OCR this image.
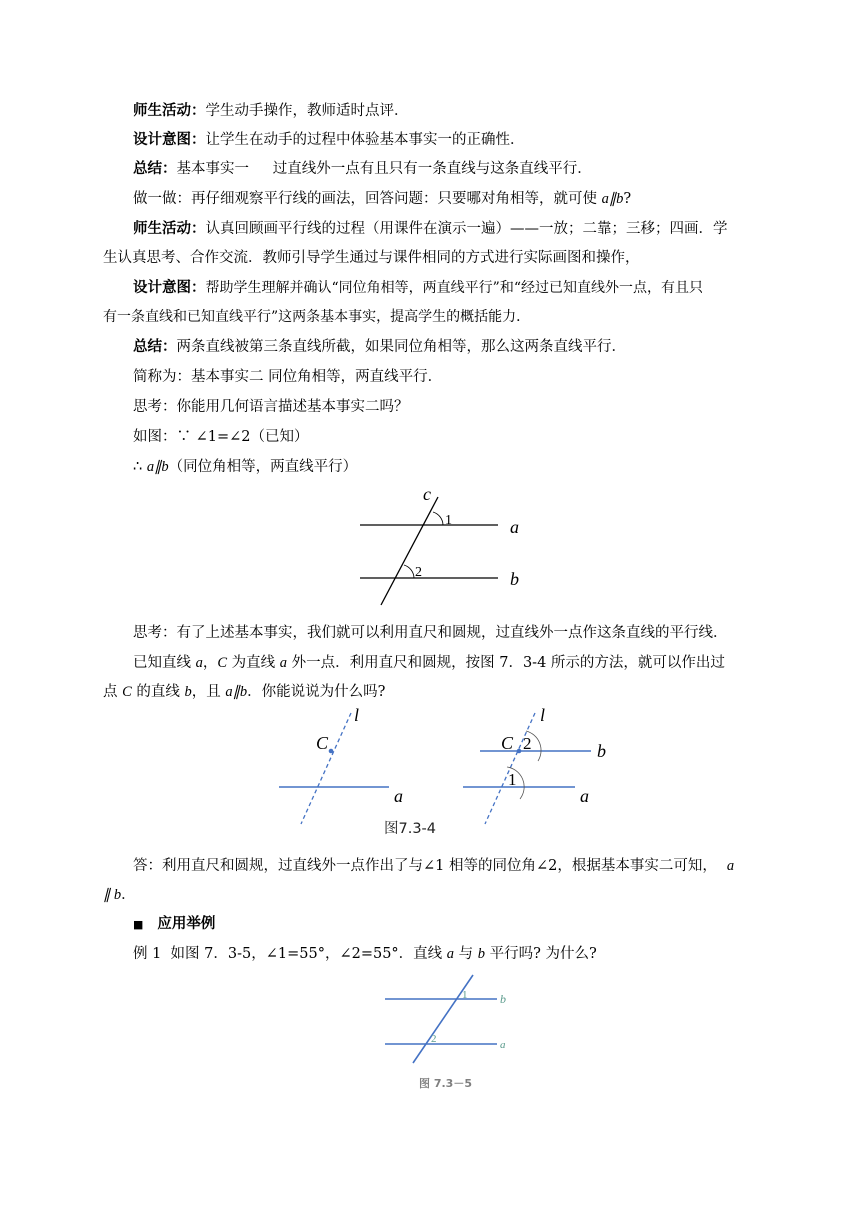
师生活动：学生动手操作，教师适时点评．
设计意图：让学生在动手的过程中体验基本事实一的正确性．
总结：基本事实一　  过直线外一点有且只有一条直线与这条直线平行．
做一做：再仔细观察平行线的画法，回答问题：只要哪对角相等，就可使 a∥b?
师生活动：认真回顾画平行线的过程（用课件在演示一遍）——一放；二靠；三移；四画．学
生认真思考、合作交流．教师引导学生通过与课件相同的方式进行实际画图和操作，
设计意图：帮助学生理解并确认“同位角相等，两直线平行”和“经过已知直线外一点，有且只
有一条直线和已知直线平行”这两条基本事实，提高学生的概括能力．
总结：两条直线被第三条直线所截，如果同位角相等，那么这两条直线平行．
简称为：基本事实二 同位角相等，两直线平行．
思考：你能用几何语言描述基本事实二吗？
如图：∵ ∠1=∠2（已知）
∴ a∥b（同位角相等，两直线平行）
c
a
b
1
2
思考：有了上述基本事实，我们就可以利用直尺和圆规，过直线外一点作这条直线的平行线．
已知直线 a，C 为直线 a 外一点．利用直尺和圆规，按图 7．3-4 所示的方法，就可以作出过
点 C 的直线 b，且 a∥b．你能说说为什么吗?
l
C
a
l
C 2	b
1
a
图7.3-4
答：利用直尺和圆规，过直线外一点作出了与∠1 相等的同位角∠2，根据基本事实二可知， a
∥ b．
■ 应用举例
例 1  如图 7．3-5，∠1=55°，∠2=55°．直线 a 与 b 平行吗? 为什么?
1
2
b
a
图 7.3－5
